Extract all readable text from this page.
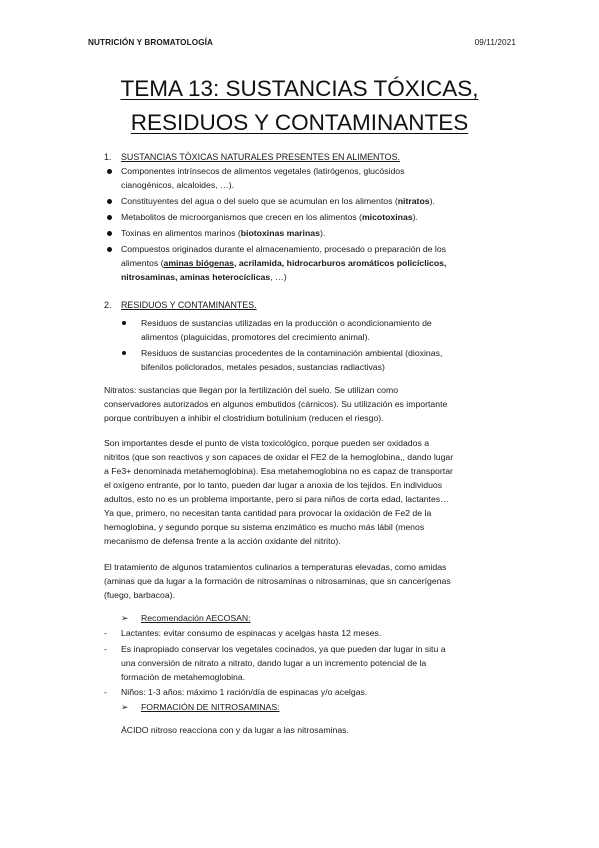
NUTRICIÓN Y BROMATOLOGÍA	09/11/2021
TEMA 13: SUSTANCIAS TÓXICAS,
RESIDUOS Y CONTAMINANTES
1. SUSTANCIAS TÓXICAS NATURALES PRESENTES EN ALIMENTOS.
Componentes intrínsecos de alimentos vegetales (latirógenos, glucósidos
cianogénicos, alcaloides, …).
Constituyentes del agua o del suelo que se acumulan en los alimentos (nitratos).
Metabolitos de microorganismos que crecen en los alimentos (micotoxinas).
Toxinas en alimentos marinos (biotoxinas marinas).
Compuestos originados durante el almacenamiento, procesado o preparación de los
alimentos (aminas biógenas, acrilamida, hidrocarburos aromáticos policíclicos,
nitrosaminas, aminas heterocíclicas, …)
2. RESIDUOS Y CONTAMINANTES.
Residuos de sustancias utilizadas en la producción o acondicionamiento de
alimentos (plaguicidas, promotores del crecimiento animal).
Residuos de sustancias procedentes de la contaminación ambiental (dioxinas,
bifenilos policlorados, metales pesados, sustancias radiactivas)
Nitratos: sustancias que llegan por la fertilización del suelo. Se utilizan como
conservadores autorizados en algunos embutidos (cárnicos). Su utilización es importante
porque contribuyen a inhibir el clostridium botulinium (reducen el riesgo).
Son importantes desde el punto de vista toxicológico, porque pueden ser oxidados a
nitritos (que son reactivos y son capaces de oxidar el FE2 de la hemoglobina,, dando lugar
a Fe3+ denominada metahemoglobina). Esa metahemoglobina no es capaz de transportar
el oxígeno entrante, por lo tanto, pueden dar lugar a anoxia de los tejidos. En individuos
adultos, esto no es un problema importante, pero si para niños de corta edad, lactantes…
Ya que, primero, no necesitan tanta cantidad para provocar la oxidación de Fe2 de la
hemoglobina, y segundo porque su sistema enzimático es mucho más lábil (menos
mecanismo de defensa frente a la acción oxidante del nitrito).
El tratamiento de algunos tratamientos culinarios a temperaturas elevadas, como amidas
(aminas que da lugar a la formación de nitrosaminas o nitrosaminas, que sn cancerígenas
(fuego, barbacoa).
➢ Recomendación AECOSAN:
- Lactantes: evitar consumo de espinacas y acelgas hasta 12 meses.
- Es inapropiado conservar los vegetales cocinados, ya que pueden dar lugar in situ a
una conversión de nitrato a nitrato, dando lugar a un incremento potencial de la
formación de metahemoglobina.
- Niños: 1-3 años: máximo 1 ración/día de espinacas y/o acelgas.
➢ FORMACIÓN DE NITROSAMINAS:
ÁCIDO nitroso reacciona con y da lugar a las nitrosaminas.
